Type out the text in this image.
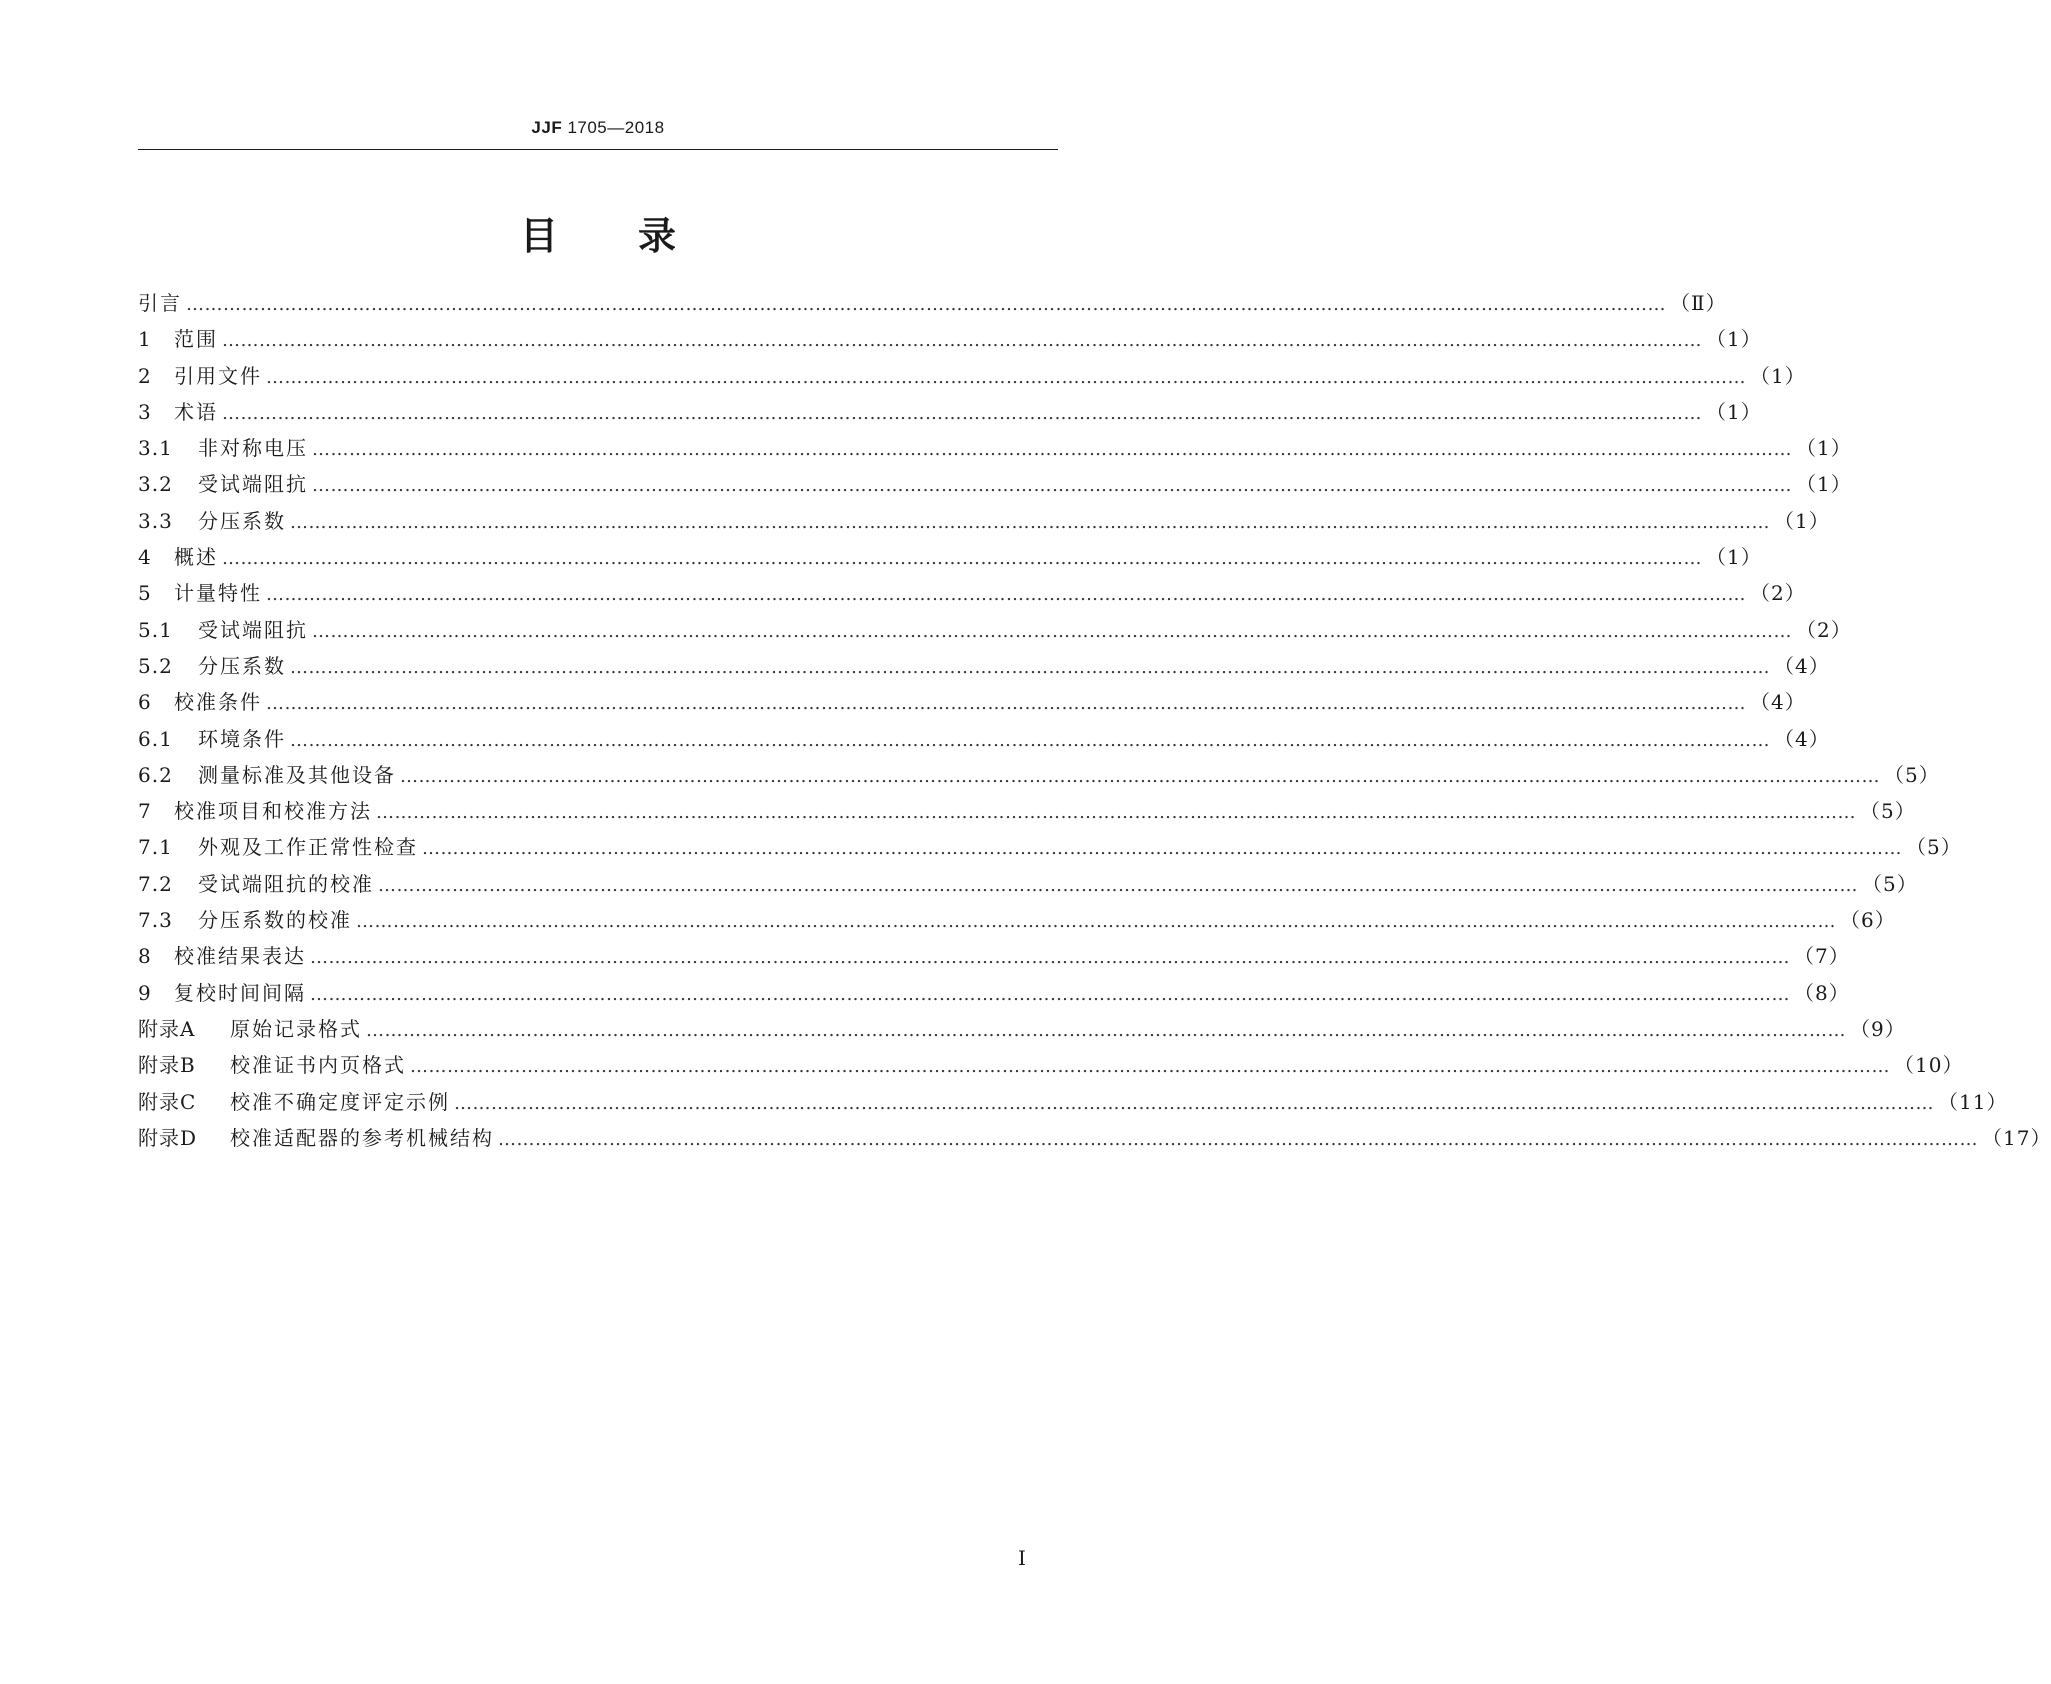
JJF 1705—2018
目录
引言 …………………………………………………………………………………………………………………………………………………………………………………………………………………… （Ⅱ）
1	范围 …………………………………………………………………………………………………………………………………………………………………………………………………………………… （1）
2	引用文件 …………………………………………………………………………………………………………………………………………………………………………………………………………………… （1）
3	术语 …………………………………………………………………………………………………………………………………………………………………………………………………………………… （1）
3.1	非对称电压 …………………………………………………………………………………………………………………………………………………………………………………………………………………… （1）
3.2	受试端阻抗 …………………………………………………………………………………………………………………………………………………………………………………………………………………… （1）
3.3	分压系数 …………………………………………………………………………………………………………………………………………………………………………………………………………………… （1）
4	概述 …………………………………………………………………………………………………………………………………………………………………………………………………………………… （1）
5	计量特性 …………………………………………………………………………………………………………………………………………………………………………………………………………………… （2）
5.1	受试端阻抗 …………………………………………………………………………………………………………………………………………………………………………………………………………………… （2）
5.2	分压系数 …………………………………………………………………………………………………………………………………………………………………………………………………………………… （4）
6	校准条件 …………………………………………………………………………………………………………………………………………………………………………………………………………………… （4）
6.1	环境条件 …………………………………………………………………………………………………………………………………………………………………………………………………………………… （4）
6.2	测量标准及其他设备 …………………………………………………………………………………………………………………………………………………………………………………………………………………… （5）
7	校准项目和校准方法 …………………………………………………………………………………………………………………………………………………………………………………………………………………… （5）
7.1	外观及工作正常性检查 …………………………………………………………………………………………………………………………………………………………………………………………………………………… （5）
7.2	受试端阻抗的校准 …………………………………………………………………………………………………………………………………………………………………………………………………………………… （5）
7.3	分压系数的校准 …………………………………………………………………………………………………………………………………………………………………………………………………………………… （6）
8	校准结果表达 …………………………………………………………………………………………………………………………………………………………………………………………………………………… （7）
9	复校时间间隔 …………………………………………………………………………………………………………………………………………………………………………………………………………………… （8）
附录A	原始记录格式 …………………………………………………………………………………………………………………………………………………………………………………………………………………… （9）
附录B	校准证书内页格式 …………………………………………………………………………………………………………………………………………………………………………………………………………………… （10）
附录C	校准不确定度评定示例 …………………………………………………………………………………………………………………………………………………………………………………………………………………… （11）
附录D	校准适配器的参考机械结构 …………………………………………………………………………………………………………………………………………………………………………………………………………………… （17）
Ⅰ
